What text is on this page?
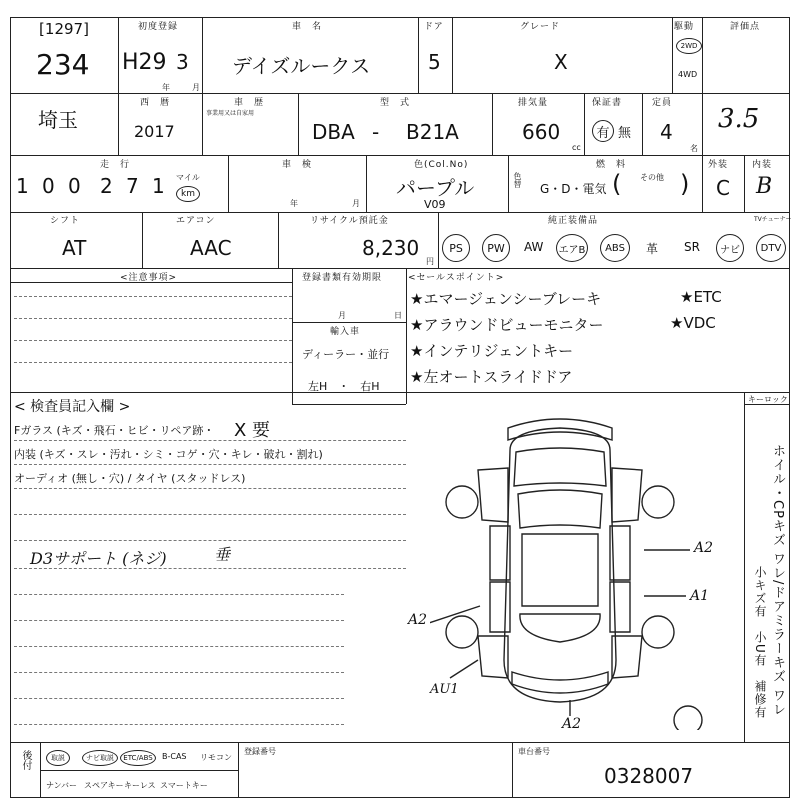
[1297]
234
初度登録
H29 3
年	月
車　名
デイズルークス
ドア
5
グレード
X
駆動
2WD
4WD
評価点
3.5
埼玉
西　暦
2017
車　歴
事業用又は自家用
型　式
DBA - B21A
排気量
660
cc
保証書
有 無
定員
4
名
走　行
1 0 0 2 7 1 マイル
km
車　検
年	月
色(Col.No)
パープル
V09
色替
燃　料
G・D・電気 ( その他 )
外装
C
内装
B
シフト
AT
エアコン
AAC
リサイクル預託金
8,230
円
純正装備品	TVチューナー
PS	PW	AW エアB	ABS	革 SR	ナビ	DTV
<注意事項>	登録書類有効期限
月	日
輸入車
ディーラー・並行
左H　・　右H
<セールスポイント>
★エマージェンシーブレーキ
★アラウンドビューモニター
★インテリジェントキー
★左オートスライドドア
★ETC
★VDC
< 検査員記入欄 >
Fガラス (キズ・飛石・ヒビ・リペア跡・ X 要
内装 (キズ・スレ・汚れ・シミ・コゲ・穴・キレ・破れ・割れ)
オーディオ (無し・穴) / タイヤ (スタッドレス)
D3サポート (ネジ)	垂	A2
A1
A2
AU1
A2
キーロック
ホイル・CPキズ ワレ/ドアミラーキズ ワレ
小キズ有　小U有　補修有
後付	取説	ナビ取説	ETC/ABS	B-CAS リモコン
ナンバー スペアキー キーレス スマートキー
登録番号	車台番号
0328007
